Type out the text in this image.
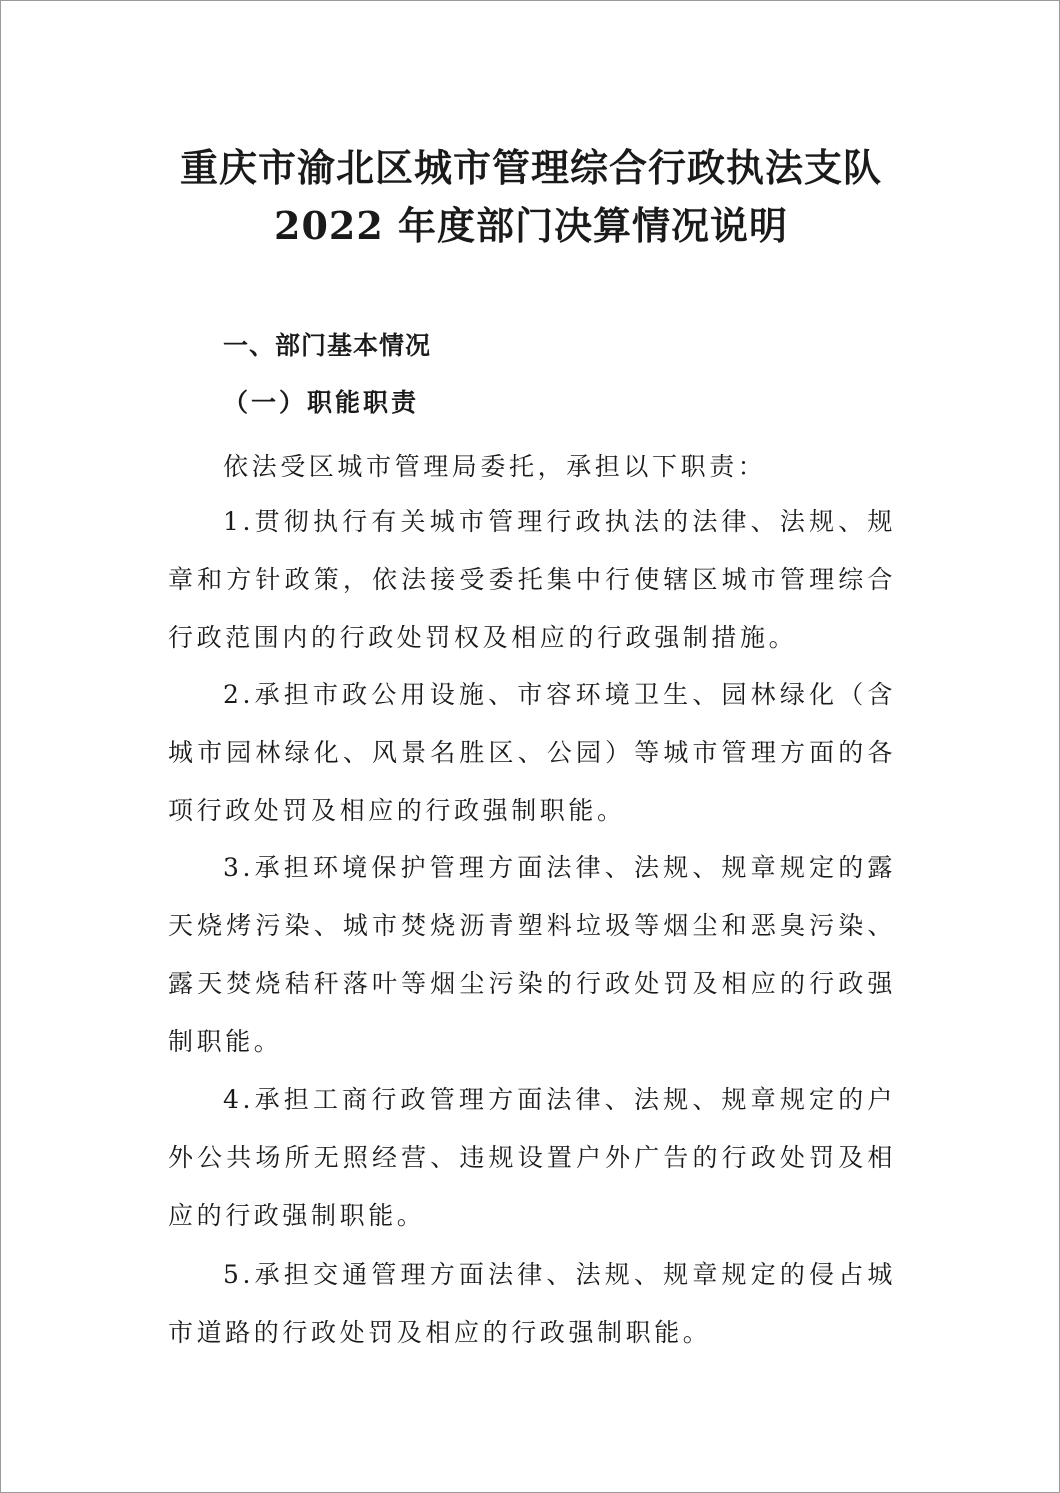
重庆市渝北区城市管理综合行政执法支队
2022 年度部门决算情况说明
一、部门基本情况
（一）职能职责

依法受区城市管理局委托，承担以下职责：

1.贯彻执行有关城市管理行政执法的法律、法规、规章和方针政策，依法接受委托集中行使辖区城市管理综合行政范围内的行政处罚权及相应的行政强制措施。

2.承担市政公用设施、市容环境卫生、园林绿化（含城市园林绿化、风景名胜区、公园）等城市管理方面的各项行政处罚及相应的行政强制职能。

3.承担环境保护管理方面法律、法规、规章规定的露天烧烤污染、城市焚烧沥青塑料垃圾等烟尘和恶臭污染、露天焚烧秸秆落叶等烟尘污染的行政处罚及相应的行政强制职能。

4.承担工商行政管理方面法律、法规、规章规定的户外公共场所无照经营、违规设置户外广告的行政处罚及相应的行政强制职能。

5.承担交通管理方面法律、法规、规章规定的侵占城市道路的行政处罚及相应的行政强制职能。
